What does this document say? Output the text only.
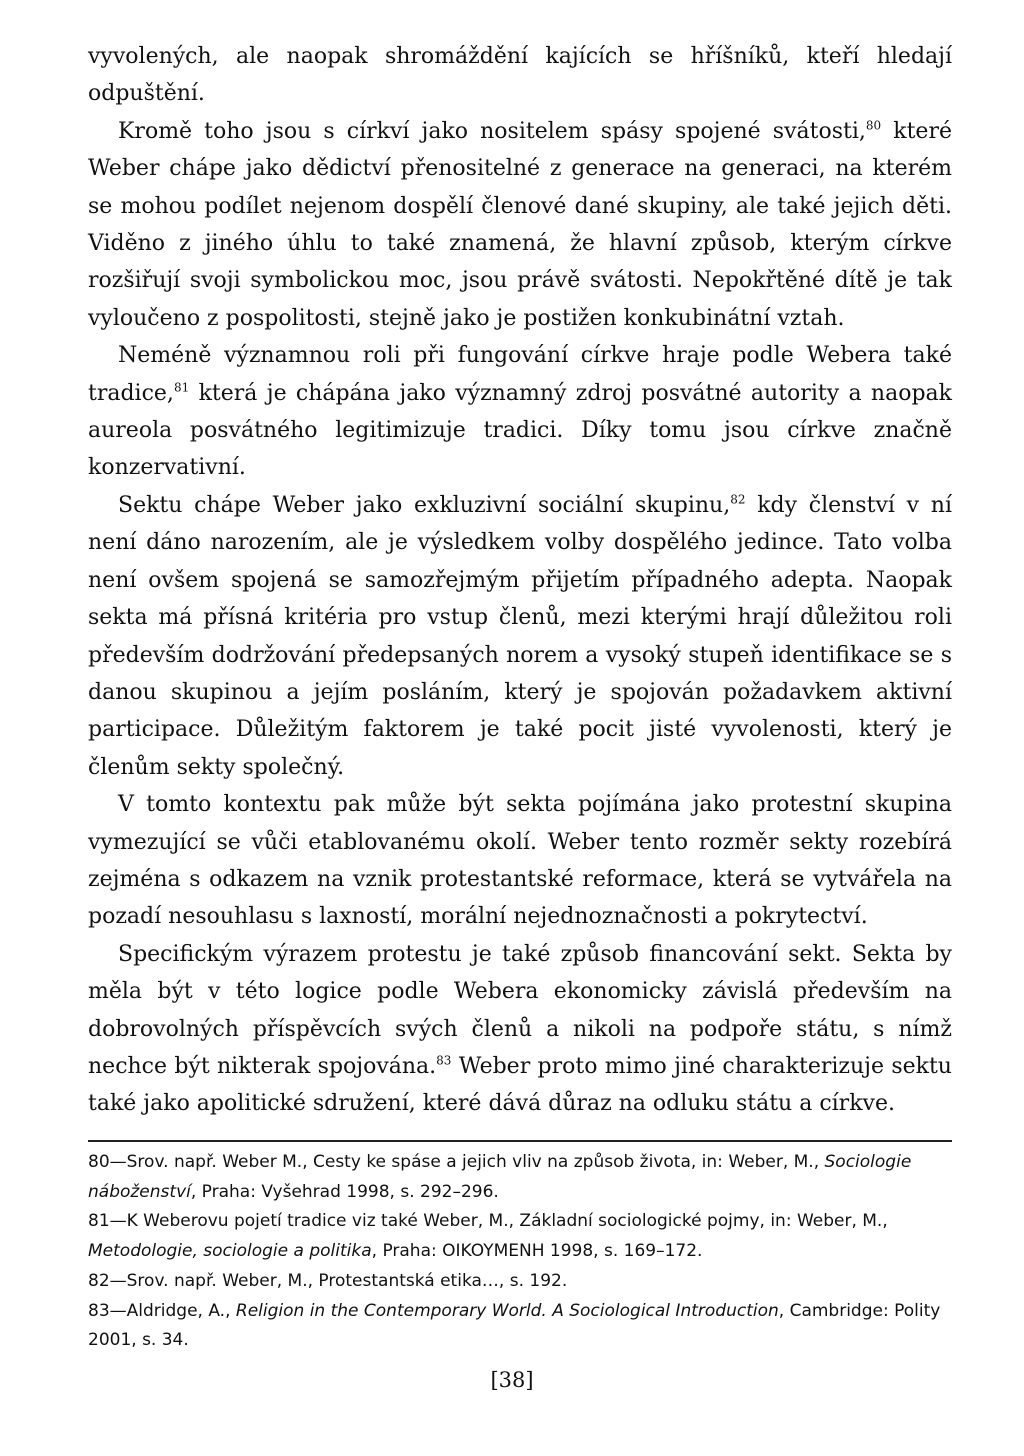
vyvolených, ale naopak shromáždění kajících se hříšníků, kteří hledají odpuštění.

Kromě toho jsou s církví jako nositelem spásy spojené svátosti,$^{80}$ které Weber chápe jako dědictví přenositelné z generace na generaci, na kterém se mohou podílet nejenom dospělí členové dané skupiny, ale také jejich děti. Viděno z jiného úhlu to také znamená, že hlavní způsob, kterým církve rozšiřují svoji symbolickou moc, jsou právě svátosti. Nepokřtěné dítě je tak vyloučeno z pospolitosti, stejně jako je postižen konkubinátní vztah.

Neméně významnou roli při fungování církve hraje podle Webera také tradice,$^{81}$ která je chápána jako významný zdroj posvátné autority a naopak aureola posvátného legitimizuje tradici. Díky tomu jsou církve značně konzervativní.

Sektu chápe Weber jako exkluzivní sociální skupinu,$^{82}$ kdy členství v ní není dáno narozením, ale je výsledkem volby dospělého jedince. Tato volba není ovšem spojená se samozřejmým přijetím případného adepta. Naopak sekta má přísná kritéria pro vstup členů, mezi kterými hrají důležitou roli především dodržování předepsaných norem a vysoký stupeň identifikace se s danou skupinou a jejím posláním, který je spojován požadavkem aktivní participace. Důležitým faktorem je také pocit jisté vyvolenosti, který je členům sekty společný.

V tomto kontextu pak může být sekta pojímána jako protestní skupina vymezující se vůči etablovanému okolí. Weber tento rozměr sekty rozebírá zejména s odkazem na vznik protestantské reformace, která se vytvářela na pozadí nesouhlasu s laxností, morální nejednoznačnosti a pokrytectví.

Specifickým výrazem protestu je také způsob financování sekt. Sekta by měla být v této logice podle Webera ekonomicky závislá především na dobrovolných příspěvcích svých členů a nikoli na podpoře státu, s nímž nechce být nikterak spojována.$^{83}$ Weber proto mimo jiné charakterizuje sektu také jako apolitické sdružení, které dává důraz na odluku státu a církve.

80—Srov. např. Weber M., Cesty ke spáse a jejich vliv na způsob života, in: Weber, M., Sociologie náboženství, Praha: Vyšehrad 1998, s. 292–296.

81—K Weberovu pojetí tradice viz také Weber, M., Základní sociologické pojmy, in: Weber, M., Metodologie, sociologie a politika, Praha: OIKOYMENH 1998, s. 169–172.

82—Srov. např. Weber, M., Protestantská etika…, s. 192.

83—Aldridge, A., Religion in the Contemporary World. A Sociological Introduction, Cambridge: Polity 2001, s. 34.

[38]
